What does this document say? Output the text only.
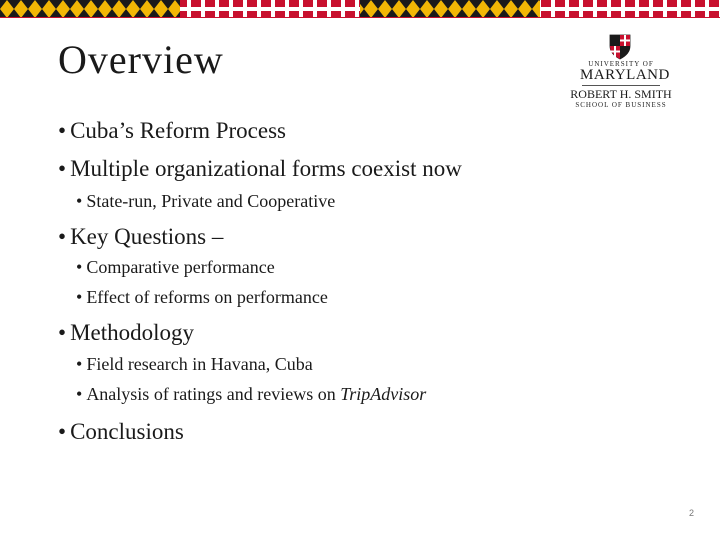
Overview	UNIVERSITY OF
MARYLAND
ROBERT H. SMITH
SCHOOL OF BUSINESS
• Cuba’s Reform Process
• Multiple organizational forms coexist now
• State-run, Private and Cooperative
• Key Questions –
• Comparative performance
• Effect of reforms on performance
• Methodology
• Field research in Havana, Cuba
• Analysis of ratings and reviews on TripAdvisor
• Conclusions
2
